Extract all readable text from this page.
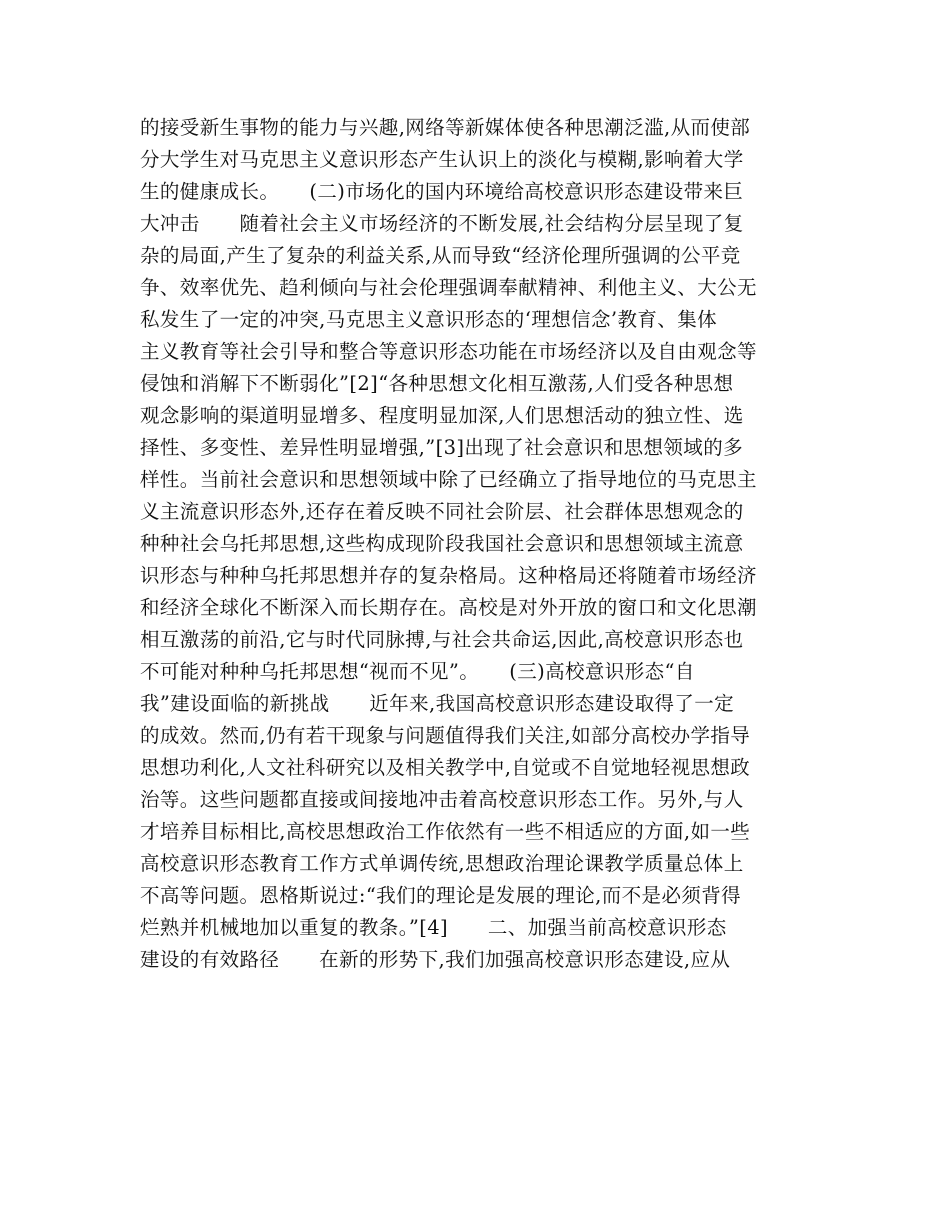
的接受新生事物的能力与兴趣,网络等新媒体使各种思潮泛滥,从而使部

分大学生对马克思主义意识形态产生认识上的淡化与模糊,影响着大学

生的健康成长。　　(二)市场化的国内环境给高校意识形态建设带来巨

大冲击　　随着社会主义市场经济的不断发展,社会结构分层呈现了复

杂的局面,产生了复杂的利益关系,从而导致“经济伦理所强调的公平竞

争、效率优先、趋利倾向与社会伦理强调奉献精神、利他主义、大公无

私发生了一定的冲突,马克思主义意识形态的‘理想信念’教育、集体

主义教育等社会引导和整合等意识形态功能在市场经济以及自由观念等

侵蚀和消解下不断弱化”[2]“各种思想文化相互激荡,人们受各种思想

观念影响的渠道明显增多、程度明显加深,人们思想活动的独立性、选

择性、多变性、差异性明显增强,”[3]出现了社会意识和思想领域的多

样性。当前社会意识和思想领域中除了已经确立了指导地位的马克思主

义主流意识形态外,还存在着反映不同社会阶层、社会群体思想观念的

种种社会乌托邦思想,这些构成现阶段我国社会意识和思想领域主流意

识形态与种种乌托邦思想并存的复杂格局。这种格局还将随着市场经济

和经济全球化不断深入而长期存在。高校是对外开放的窗口和文化思潮

相互激荡的前沿,它与时代同脉搏,与社会共命运,因此,高校意识形态也

不可能对种种乌托邦思想“视而不见”。　　(三)高校意识形态“自

我”建设面临的新挑战　　近年来,我国高校意识形态建设取得了一定

的成效。然而,仍有若干现象与问题值得我们关注,如部分高校办学指导

思想功利化,人文社科研究以及相关教学中,自觉或不自觉地轻视思想政

治等。这些问题都直接或间接地冲击着高校意识形态工作。另外,与人

才培养目标相比,高校思想政治工作依然有一些不相适应的方面,如一些

高校意识形态教育工作方式单调传统,思想政治理论课教学质量总体上

不高等问题。恩格斯说过:“我们的理论是发展的理论,而不是必须背得

烂熟并机械地加以重复的教条。”[4]　　二、加强当前高校意识形态

建设的有效路径　　在新的形势下,我们加强高校意识形态建设,应从
